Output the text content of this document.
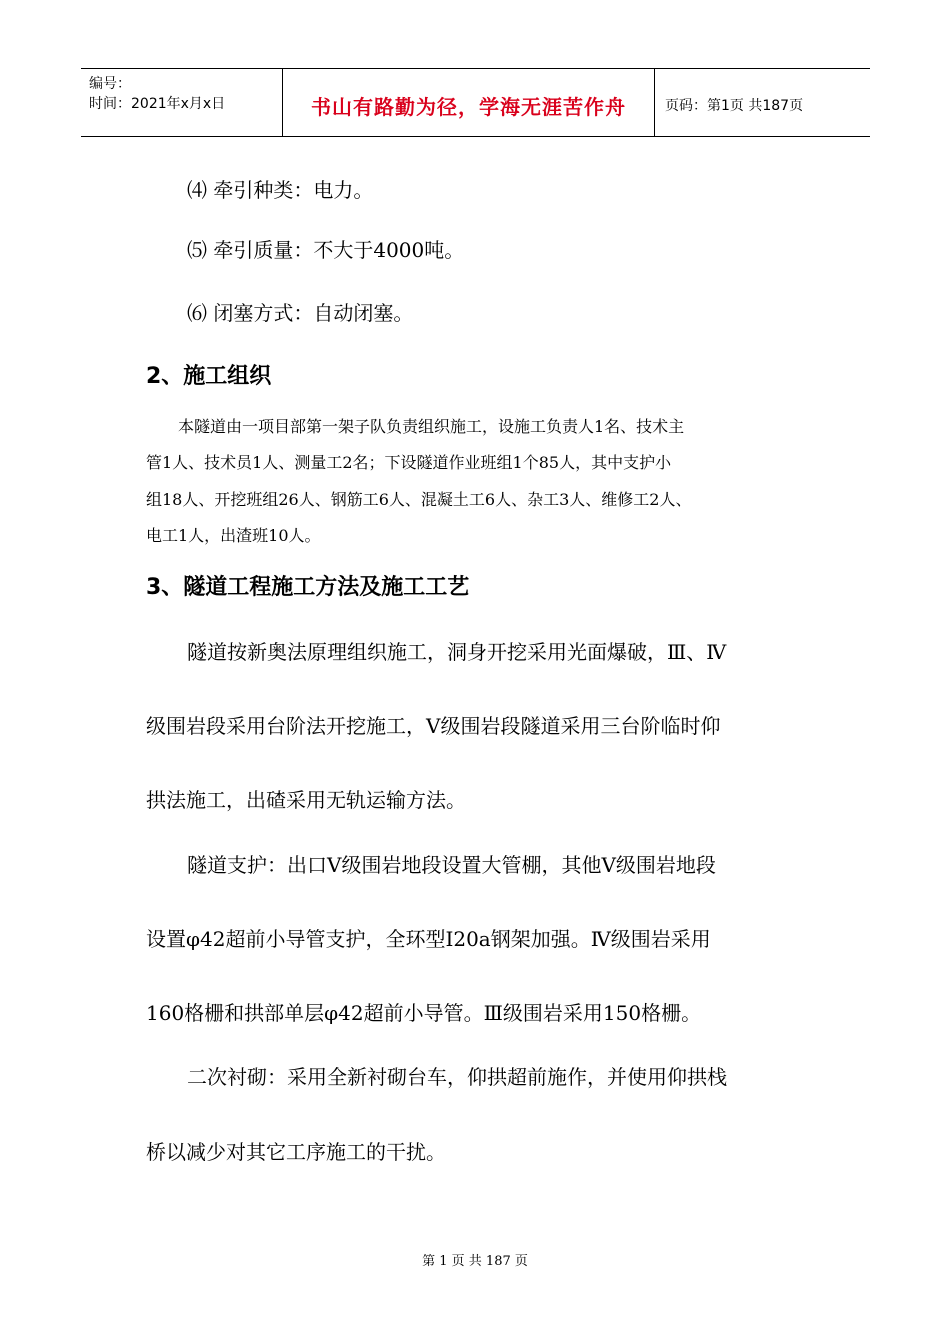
编号：
时间：2021年x月x日	书山有路勤为径，学海无涯苦作舟	页码：第1页 共187页
⑷ 牵引种类：电力。
⑸ 牵引质量：不大于4000吨。
⑹ 闭塞方式：自动闭塞。
2、施工组织
本隧道由一项目部第一架子队负责组织施工，设施工负责人1名、技术主
管1人、技术员1人、测量工2名；下设隧道作业班组1个85人，其中支护小
组18人、开挖班组26人、钢筋工6人、混凝土工6人、杂工3人、维修工2人、
电工1人，出渣班10人。
3、隧道工程施工方法及施工工艺
隧道按新奥法原理组织施工，洞身开挖采用光面爆破，Ⅲ、Ⅳ
级围岩段采用台阶法开挖施工，Ⅴ级围岩段隧道采用三台阶临时仰
拱法施工，出碴采用无轨运输方法。
隧道支护：出口Ⅴ级围岩地段设置大管棚，其他Ⅴ级围岩地段
设置φ42超前小导管支护，全环型I20a钢架加强。Ⅳ级围岩采用
160格栅和拱部单层φ42超前小导管。Ⅲ级围岩采用150格栅。
二次衬砌：采用全新衬砌台车，仰拱超前施作，并使用仰拱栈
桥以减少对其它工序施工的干扰。
第 1 页 共 187 页
